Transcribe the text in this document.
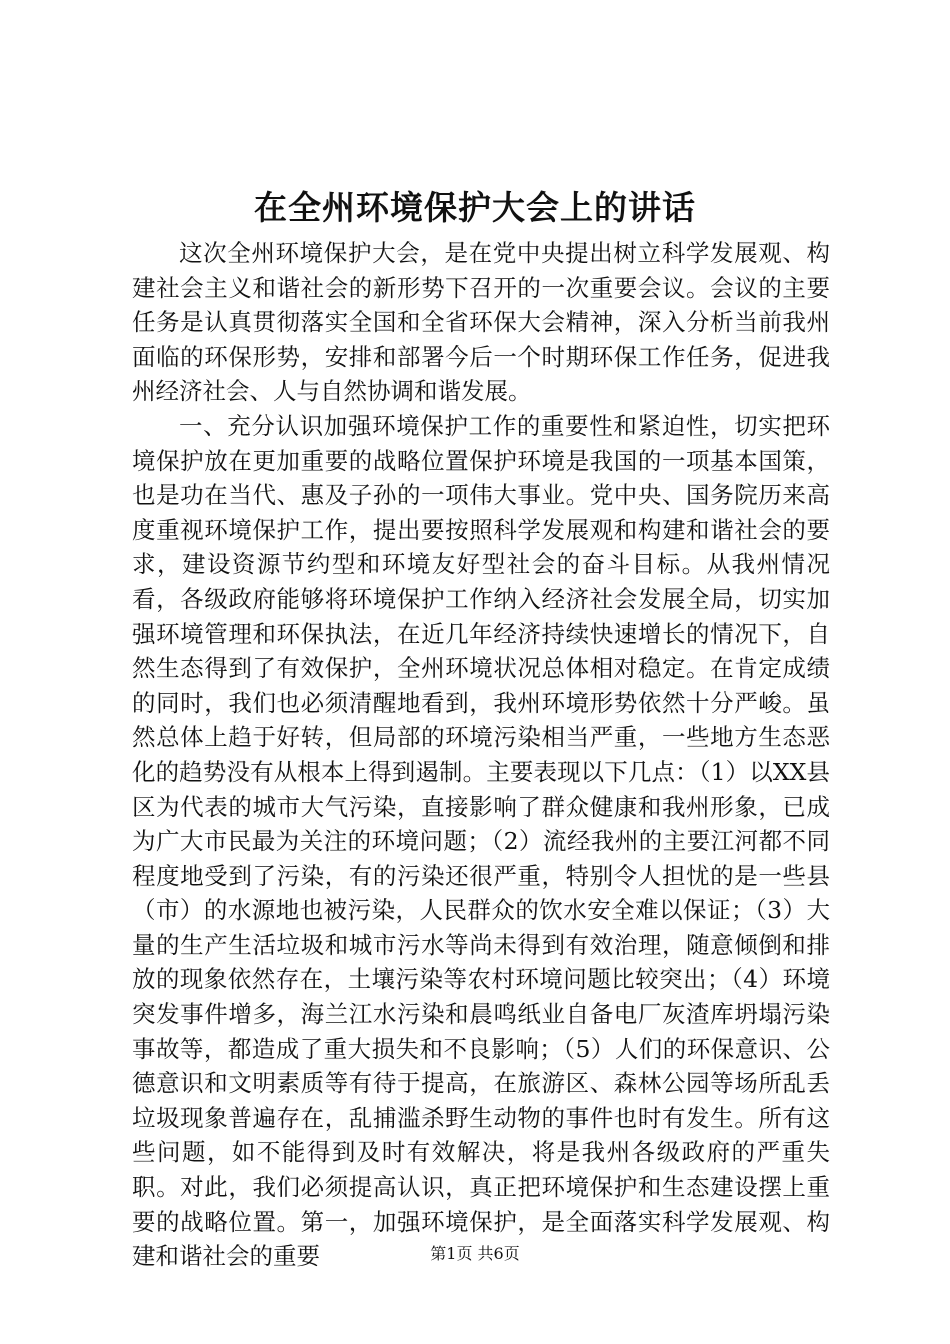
在全州环境保护大会上的讲话

这次全州环境保护大会，是在党中央提出树立科学发展观、构建社会主义和谐社会的新形势下召开的一次重要会议。会议的主要任务是认真贯彻落实全国和全省环保大会精神，深入分析当前我州面临的环保形势，安排和部署今后一个时期环保工作任务，促进我州经济社会、人与自然协调和谐发展。

一、充分认识加强环境保护工作的重要性和紧迫性，切实把环境保护放在更加重要的战略位置保护环境是我国的一项基本国策，也是功在当代、惠及子孙的一项伟大事业。党中央、国务院历来高度重视环境保护工作，提出要按照科学发展观和构建和谐社会的要求，建设资源节约型和环境友好型社会的奋斗目标。从我州情况看，各级政府能够将环境保护工作纳入经济社会发展全局，切实加强环境管理和环保执法，在近几年经济持续快速增长的情况下，自然生态得到了有效保护，全州环境状况总体相对稳定。在肯定成绩的同时，我们也必须清醒地看到，我州环境形势依然十分严峻。虽然总体上趋于好转，但局部的环境污染相当严重，一些地方生态恶化的趋势没有从根本上得到遏制。主要表现以下几点：（1）以XX县区为代表的城市大气污染，直接影响了群众健康和我州形象，已成为广大市民最为关注的环境问题；（2）流经我州的主要江河都不同程度地受到了污染，有的污染还很严重，特别令人担忧的是一些县（市）的水源地也被污染，人民群众的饮水安全难以保证；（3）大量的生产生活垃圾和城市污水等尚未得到有效治理，随意倾倒和排放的现象依然存在，土壤污染等农村环境问题比较突出；（4）环境突发事件增多，海兰江水污染和晨鸣纸业自备电厂灰渣库坍塌污染事故等，都造成了重大损失和不良影响；（5）人们的环保意识、公德意识和文明素质等有待于提高，在旅游区、森林公园等场所乱丢垃圾现象普遍存在，乱捕滥杀野生动物的事件也时有发生。所有这些问题，如不能得到及时有效解决，将是我州各级政府的严重失职。对此，我们必须提高认识，真正把环境保护和生态建设摆上重要的战略位置。第一，加强环境保护，是全面落实科学发展观、构建和谐社会的重要	第1页 共6页
